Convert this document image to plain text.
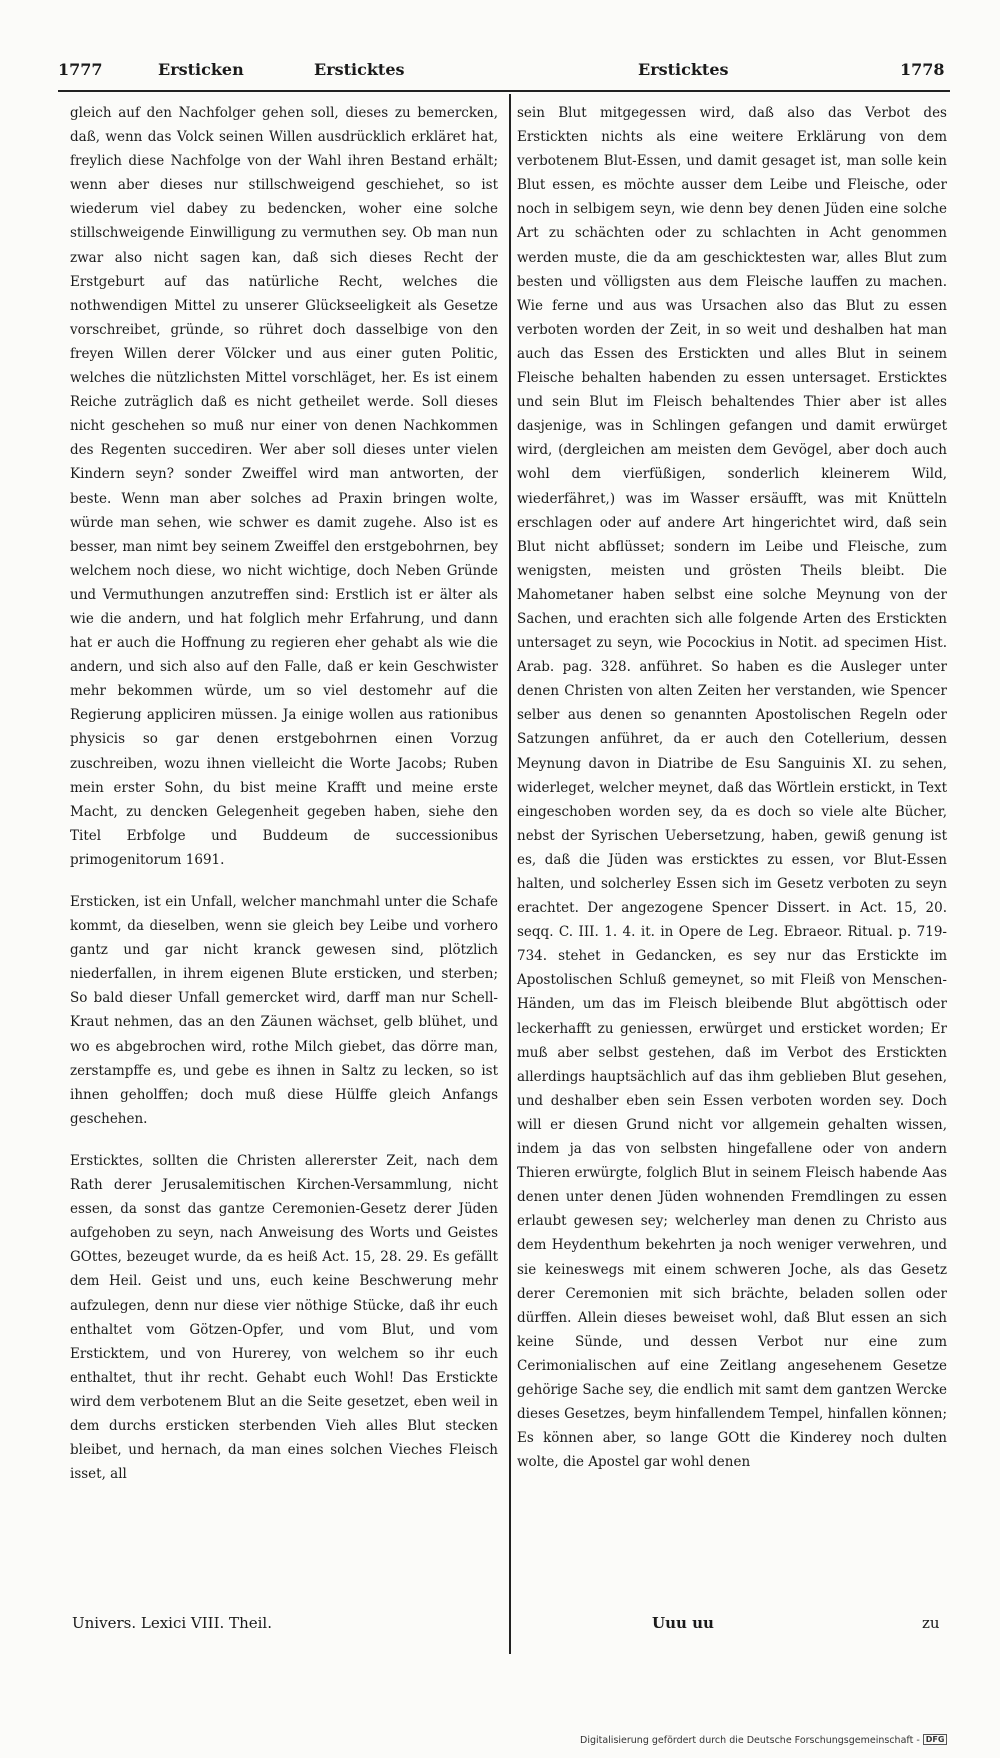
1777	Ersticken	Ersticktes	Ersticktes	1778

gleich auf den Nachfolger gehen soll, dieses zu bemercken, daß, wenn das Volck seinen Willen ausdrücklich erkläret hat, freylich diese Nachfolge von der Wahl ihren Bestand erhält; wenn aber dieses nur stillschweigend geschiehet, so ist wiederum viel dabey zu bedencken, woher eine solche stillschweigende Einwilligung zu vermuthen sey. Ob man nun zwar also nicht sagen kan, daß sich dieses Recht der Erstgeburt auf das natürliche Recht, welches die nothwendigen Mittel zu unserer Glückseeligkeit als Gesetze vorschreibet, gründe, so rühret doch dasselbige von den freyen Willen derer Völcker und aus einer guten Politic, welches die nützlichsten Mittel vorschläget, her. Es ist einem Reiche zuträglich daß es nicht getheilet werde. Soll dieses nicht geschehen so muß nur einer von denen Nachkommen des Regenten succediren. Wer aber soll dieses unter vielen Kindern seyn? sonder Zweiffel wird man antworten, der beste. Wenn man aber solches ad Praxin bringen wolte, würde man sehen, wie schwer es damit zugehe. Also ist es besser, man nimt bey seinem Zweiffel den erstgebohrnen, bey welchem noch diese, wo nicht wichtige, doch Neben Gründe und Vermuthungen anzutreffen sind: Erstlich ist er älter als wie die andern, und hat folglich mehr Erfahrung, und dann hat er auch die Hoffnung zu regieren eher gehabt als wie die andern, und sich also auf den Falle, daß er kein Geschwister mehr bekommen würde, um so viel destomehr auf die Regierung appliciren müssen. Ja einige wollen aus rationibus physicis so gar denen erstgebohrnen einen Vorzug zuschreiben, wozu ihnen vielleicht die Worte Jacobs; Ruben mein erster Sohn, du bist meine Krafft und meine erste Macht, zu dencken Gelegenheit gegeben haben, siehe den Titel Erbfolge und Buddeum de successionibus primogenitorum 1691.

Ersticken, ist ein Unfall, welcher manchmahl unter die Schafe kommt, da dieselben, wenn sie gleich bey Leibe und vorhero gantz und gar nicht kranck gewesen sind, plötzlich niederfallen, in ihrem eigenen Blute ersticken, und sterben; So bald dieser Unfall gemercket wird, darff man nur Schell-Kraut nehmen, das an den Zäunen wächset, gelb blühet, und wo es abgebrochen wird, rothe Milch giebet, das dörre man, zerstampffe es, und gebe es ihnen in Saltz zu lecken, so ist ihnen geholffen; doch muß diese Hülffe gleich Anfangs geschehen.

Ersticktes, sollten die Christen allererster Zeit, nach dem Rath derer Jerusalemitischen Kirchen-Versammlung, nicht essen, da sonst das gantze Ceremonien-Gesetz derer Jüden aufgehoben zu seyn, nach Anweisung des Worts und Geistes GOttes, bezeuget wurde, da es heiß Act. 15, 28. 29. Es gefällt dem Heil. Geist und uns, euch keine Beschwerung mehr aufzulegen, denn nur diese vier nöthige Stücke, daß ihr euch enthaltet vom Götzen-Opfer, und vom Blut, und vom Ersticktem, und von Hurerey, von welchem so ihr euch enthaltet, thut ihr recht. Gehabt euch Wohl! Das Erstickte wird dem verbotenem Blut an die Seite gesetzet, eben weil in dem durchs ersticken sterbenden Vieh alles Blut stecken bleibet, und hernach, da man eines solchen Vieches Fleisch isset, all

sein Blut mitgegessen wird, daß also das Verbot des Erstickten nichts als eine weitere Erklärung von dem verbotenem Blut-Essen, und damit gesaget ist, man solle kein Blut essen, es möchte ausser dem Leibe und Fleische, oder noch in selbigem seyn, wie denn bey denen Jüden eine solche Art zu schächten oder zu schlachten in Acht genommen werden muste, die da am geschicktesten war, alles Blut zum besten und völligsten aus dem Fleische lauffen zu machen. Wie ferne und aus was Ursachen also das Blut zu essen verboten worden der Zeit, in so weit und deshalben hat man auch das Essen des Erstickten und alles Blut in seinem Fleische behalten habenden zu essen untersaget. Ersticktes und sein Blut im Fleisch behaltendes Thier aber ist alles dasjenige, was in Schlingen gefangen und damit erwürget wird, (dergleichen am meisten dem Gevögel, aber doch auch wohl dem vierfüßigen, sonderlich kleinerem Wild, wiederfähret,) was im Wasser ersäufft, was mit Knütteln erschlagen oder auf andere Art hingerichtet wird, daß sein Blut nicht abflüsset; sondern im Leibe und Fleische, zum wenigsten, meisten und grösten Theils bleibt. Die Mahometaner haben selbst eine solche Meynung von der Sachen, und erachten sich alle folgende Arten des Erstickten untersaget zu seyn, wie Pocockius in Notit. ad specimen Hist. Arab. pag. 328. anführet. So haben es die Ausleger unter denen Christen von alten Zeiten her verstanden, wie Spencer selber aus denen so genannten Apostolischen Regeln oder Satzungen anführet, da er auch den Cotellerium, dessen Meynung davon in Diatribe de Esu Sanguinis XI. zu sehen, widerleget, welcher meynet, daß das Wörtlein erstickt, in Text eingeschoben worden sey, da es doch so viele alte Bücher, nebst der Syrischen Uebersetzung, haben, gewiß genung ist es, daß die Jüden was ersticktes zu essen, vor Blut-Essen halten, und solcherley Essen sich im Gesetz verboten zu seyn erachtet. Der angezogene Spencer Dissert. in Act. 15, 20. seqq. C. III. 1. 4. it. in Opere de Leg. Ebraeor. Ritual. p. 719-734. stehet in Gedancken, es sey nur das Erstickte im Apostolischen Schluß gemeynet, so mit Fleiß von Menschen-Händen, um das im Fleisch bleibende Blut abgöttisch oder leckerhafft zu geniessen, erwürget und ersticket worden; Er muß aber selbst gestehen, daß im Verbot des Erstickten allerdings hauptsächlich auf das ihm geblieben Blut gesehen, und deshalber eben sein Essen verboten worden sey. Doch will er diesen Grund nicht vor allgemein gehalten wissen, indem ja das von selbsten hingefallene oder von andern Thieren erwürgte, folglich Blut in seinem Fleisch habende Aas denen unter denen Jüden wohnenden Fremdlingen zu essen erlaubt gewesen sey; welcherley man denen zu Christo aus dem Heydenthum bekehrten ja noch weniger verwehren, und sie keineswegs mit einem schweren Joche, als das Gesetz derer Ceremonien mit sich brächte, beladen sollen oder dürffen. Allein dieses beweiset wohl, daß Blut essen an sich keine Sünde, und dessen Verbot nur eine zum Cerimonialischen auf eine Zeitlang angesehenem Gesetze gehörige Sache sey, die endlich mit samt dem gantzen Wercke dieses Gesetzes, beym hinfallendem Tempel, hinfallen können; Es können aber, so lange GOtt die Kinderey noch dulten wolte, die Apostel gar wohl denen

Univers. Lexici VIII. Theil.	Uuu uu	zu
Digitalisierung gefördert durch die Deutsche Forschungsgemeinschaft - DFG
